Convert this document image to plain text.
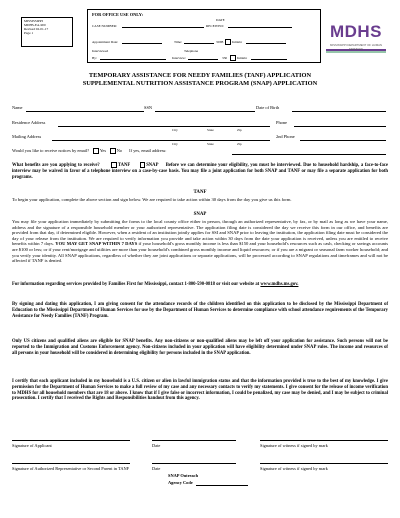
MISSISSIPPI
MDHS-EA-900
Revised 02-01-17
Page 1
FOR OFFICE USE ONLY:
DATE
CASE NUMBER:	RECEIVED:
Appointment Date:	Time:	303B	Initials:
Interviewed	Telephone
By:	Interview:	330	Initials:
MDHS
MISSISSIPPI DEPARTMENT OF HUMAN SERVICES
TEMPORARY ASSISTANCE FOR NEEDY FAMILIES (TANF) APPLICATION
SUPPLEMENTAL NUTRITION ASSISTANCE PROGRAM (SNAP) APPLICATION
Name	SSN	Date of Birth
Residence Address	Phone
City	State	Zip
Mailing Address	2nd Phone
City	State	Zip
Would you like to receive notices by email? Yes No If yes, email address:
What benefits are you applying to receive?	TANF	SNAP Before we can determine your eligibility, you must be interviewed. Due to household hardship, a face-to-face interview may be waived in favor of a telephone interview on a case-by-case basis. You may file a joint application for both SNAP and TANF or may file a separate application for both programs.
TANF
To begin your application, complete the above section and sign below. We are required to take action within 30 days from the day you give us this form.
SNAP
You may file your application immediately by submitting the forms to the local county office either in person, through an authorized representative, by fax, or by mail as long as we have your name, address and the signature of a responsible household member or your authorized representative. The application filing date is considered the day we receive this form in our office, and benefits are provided from that day, if determined eligible. However, when a resident of an institution jointly applies for SSI and SNAP prior to leaving the institution, the application filing date must be considered the day of your release from the institution. We are required to verify information you provide and take action within 30 days from the date your application is received, unless you are entitled to receive benefits within 7 days. YOU MAY GET SNAP WITHIN 7 DAYS if your household's gross monthly income is less than $150 and your household's resources such as cash, checking or savings accounts are $100 or less; or if your rent/mortgage and utilities are more than your household's combined gross monthly income and liquid resources; or if you are a migrant or seasonal farm worker household; and you verify your identity. All SNAP applications, regardless of whether they are joint applications or separate applications, will be processed according to SNAP regulations and timeframes and will not be affected if TANF is denied.
For information regarding services provided by Families First for Mississippi, contact 1-800-590-0818 or visit our website at www.mdhs.ms.gov.
By signing and dating this application, I am giving consent for the attendance records of the children identified on this application to be disclosed by the Mississippi Department of Education to the Mississippi Department of Human Services for use by the Department of Human Services to determine compliance with school attendance requirements of the Temporary Assistance for Needy Families (TANF) Program.
Only US citizens and qualified aliens are eligible for SNAP benefits. Any non-citizens or non-qualified aliens may be left off your application for assistance. Such persons will not be reported to the Immigration and Customs Enforcement agency. Non-citizens included in your application will have eligibility determined under SNAP rules. The income and resources of all persons in your household will be considered in determining eligibility for persons included in the SNAP application.
I certify that each applicant included in my household is a U.S. citizen or alien in lawful immigration status and that the information provided is true to the best of my knowledge. I give permission for the Department of Human Services to make a full review of my case and any necessary contacts to verify my statements. I give consent for the release of income verification to MDHS for all household members that are 18 or above. I know that if I give false or incorrect information, I could be penalized, my case may be denied, and I may be subject to criminal prosecution. I certify that I received the Rights and Responsibilities handout from this agency.
Signature of Applicant	Date	Signature of witness if signed by mark
Signature of Authorized Representative or Second Parent in TANF	Date	Signature of witness if signed by mark
SNAP Outreach
Agency Code
